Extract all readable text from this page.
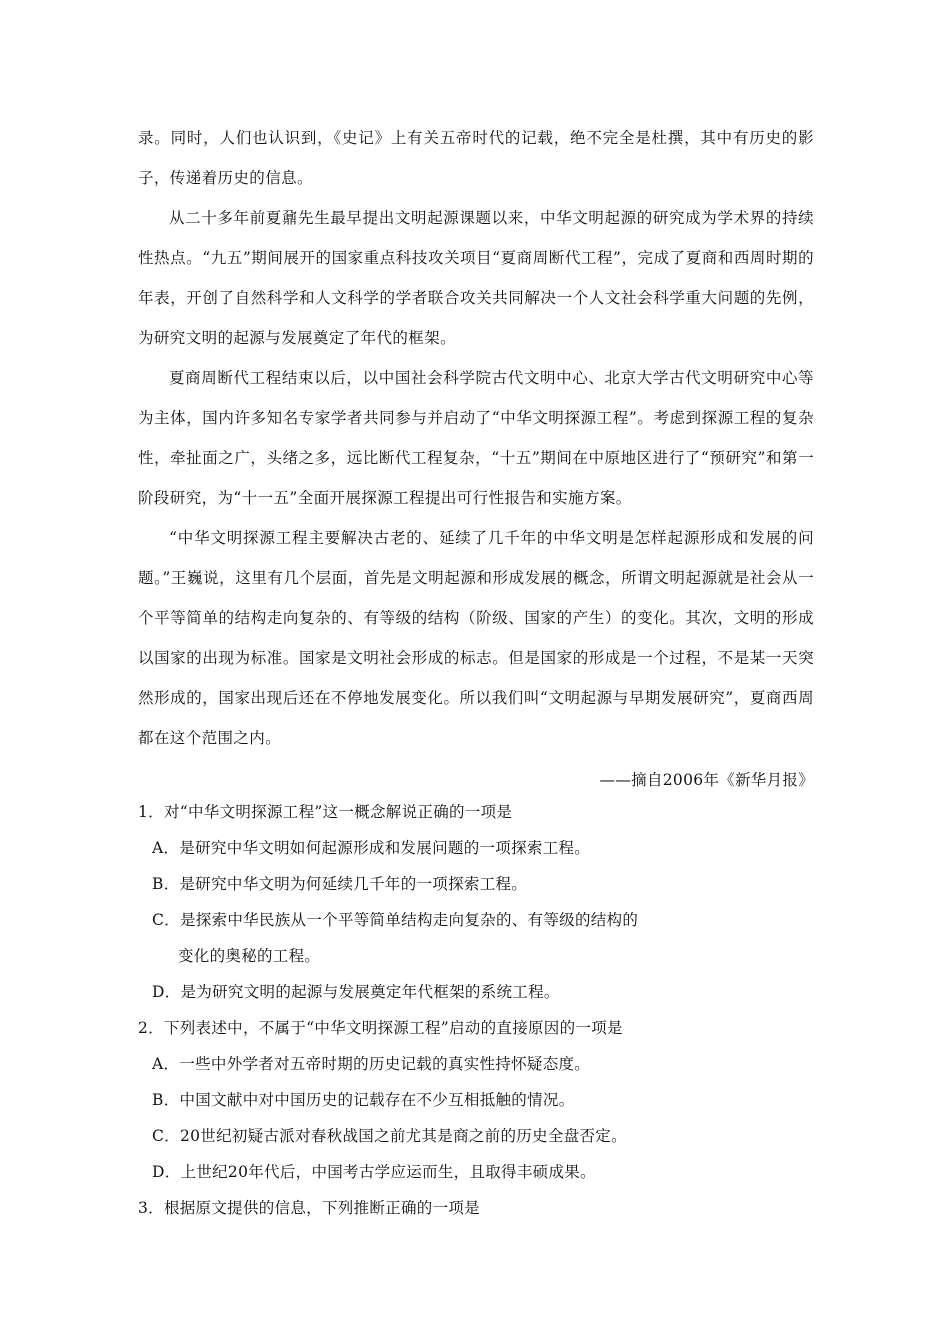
录。同时，人们也认识到，《史记》上有关五帝时代的记载，绝不完全是杜撰，其中有历史的影子，传递着历史的信息。

从二十多年前夏鼐先生最早提出文明起源课题以来，中华文明起源的研究成为学术界的持续性热点。“九五”期间展开的国家重点科技攻关项目“夏商周断代工程”，完成了夏商和西周时期的年表，开创了自然科学和人文科学的学者联合攻关共同解决一个人文社会科学重大问题的先例，为研究文明的起源与发展奠定了年代的框架。

夏商周断代工程结束以后，以中国社会科学院古代文明中心、北京大学古代文明研究中心等为主体，国内许多知名专家学者共同参与并启动了“中华文明探源工程”。考虑到探源工程的复杂性，牵扯面之广，头绪之多，远比断代工程复杂，“十五”期间在中原地区进行了“预研究”和第一阶段研究，为“十一五”全面开展探源工程提出可行性报告和实施方案。

“中华文明探源工程主要解决古老的、延续了几千年的中华文明是怎样起源形成和发展的问题。”王巍说，这里有几个层面，首先是文明起源和形成发展的概念，所谓文明起源就是社会从一个平等简单的结构走向复杂的、有等级的结构（阶级、国家的产生）的变化。其次，文明的形成以国家的出现为标准。国家是文明社会形成的标志。但是国家的形成是一个过程，不是某一天突然形成的，国家出现后还在不停地发展变化。所以我们叫“文明起源与早期发展研究”，夏商西周都在这个范围之内。

——摘自2006年《新华月报》

1．对“中华文明探源工程”这一概念解说正确的一项是

A．是研究中华文明如何起源形成和发展问题的一项探索工程。

B．是研究中华文明为何延续几千年的一项探索工程。

C．是探索中华民族从一个平等简单结构走向复杂的、有等级的结构的

变化的奥秘的工程。

D．是为研究文明的起源与发展奠定年代框架的系统工程。

2．下列表述中，不属于“中华文明探源工程”启动的直接原因的一项是

A．一些中外学者对五帝时期的历史记载的真实性持怀疑态度。

B．中国文献中对中国历史的记载存在不少互相抵触的情况。

C．20世纪初疑古派对春秋战国之前尤其是商之前的历史全盘否定。

D．上世纪20年代后，中国考古学应运而生，且取得丰硕成果。

3．根据原文提供的信息，下列推断正确的一项是
